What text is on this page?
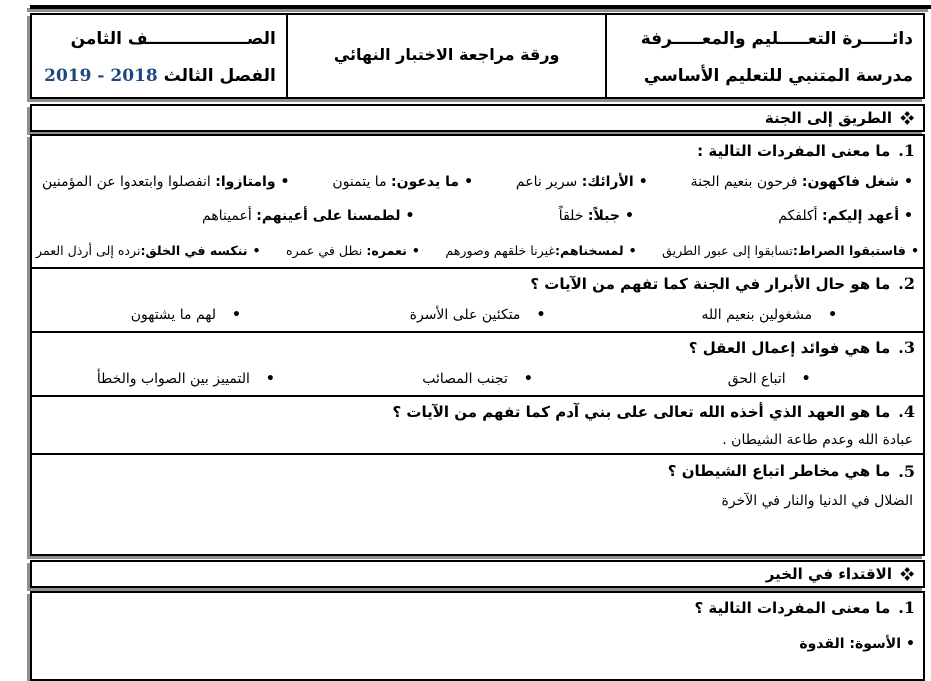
دائـــــرة التعـــــليم والمعـــــرفة
مدرسة المتنبي للتعليم الأساسي
ورقة مراجعة الاختبار النهائي
الصـــــــــــــــــف الثامن
الفصل الثالث 2018 - 2019
الطريق إلى الجنة
1.
ما معنى المفردات التالية :
•شغل فاكهون: فرحون بنعيم الجنة
•الأرائك: سرير ناعم
•ما يدعون: ما يتمنون
•وامتازوا: انفصلوا وابتعدوا عن المؤمنين
•أعهد إليكم: أكلفكم
•جبلاً: خلقاً
•لطمسنا على أعينهم: أعميناهم
•فاستبقوا الصراط:تسابقوا إلى عبور الطريق
•لمسخناهم:غيرنا خلقهم وصورهم
•نعمره: نطل في عمره
•ننكسه في الخلق:نرده إلى أرذل العمر
2.
ما هو حال الأبرار في الجنة كما تفهم من الآيات ؟
•مشغولين بنعيم الله
•متكئين على الأسرة
•لهم ما يشتهون
3.
ما هي فوائد إعمال العقل ؟
•اتباع الحق
•تجنب المصائب
•التمييز بين الصواب والخطأ
4.
ما هو العهد الذي أخذه الله تعالى على بني آدم كما تفهم من الآيات ؟
عبادة الله وعدم طاعة الشيطان .
5.
ما هي مخاطر اتباع الشيطان ؟
الضلال في الدنيا والنار في الآخرة
الاقتداء في الخير
1.
ما معنى المفردات التالية ؟
•الأسوة: القدوة
